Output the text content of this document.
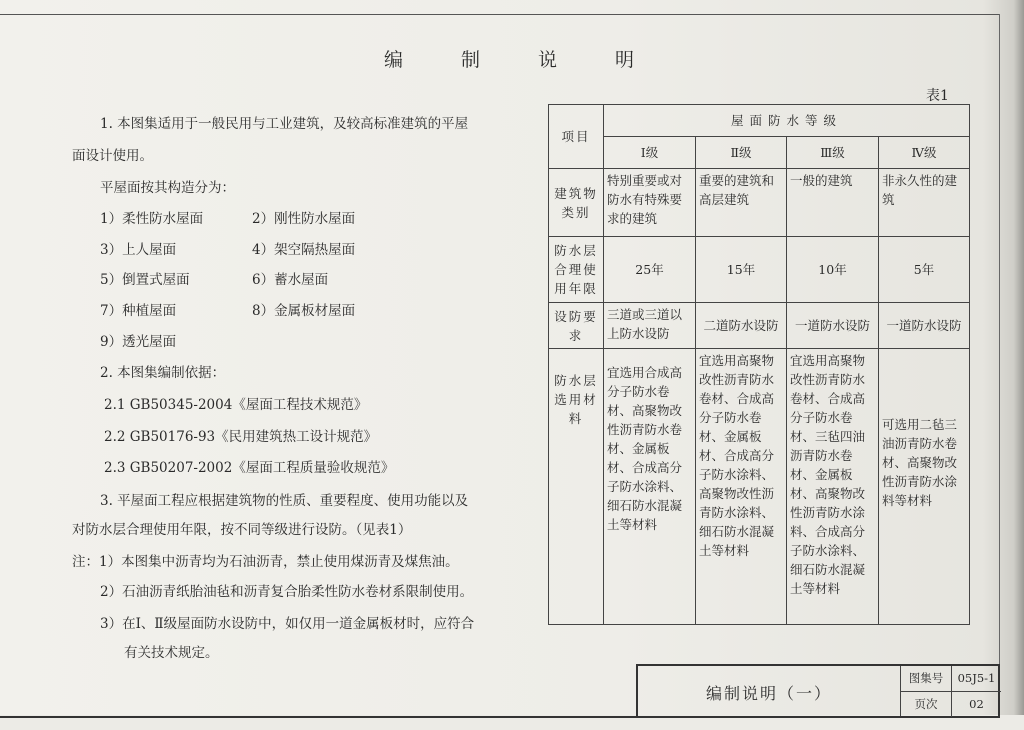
编 制 说 明
1. 本图集适用于一般民用与工业建筑，及较高标准建筑的平屋
面设计使用。
平屋面按其构造分为：
1）柔性防水屋面	2）刚性防水屋面
3）上人屋面	4）架空隔热屋面
5）倒置式屋面	6）蓄水屋面
7）种植屋面	8）金属板材屋面
9）透光屋面
2. 本图集编制依据：
2.1 GB50345-2004《屋面工程技术规范》
2.2 GB50176-93《民用建筑热工设计规范》
2.3 GB50207-2002《屋面工程质量验收规范》
3. 平屋面工程应根据建筑物的性质、重要程度、使用功能以及
对防水层合理使用年限，按不同等级进行设防。（见表1）
注：1）本图集中沥青均为石油沥青，禁止使用煤沥青及煤焦油。
2）石油沥青纸胎油毡和沥青复合胎柔性防水卷材系限制使用。
3）在Ⅰ、Ⅱ级屋面防水设防中，如仅用一道金属板材时，应符合
有关技术规定。
表1
项目	屋面防水等级			
	Ⅰ级	Ⅱ级	Ⅲ级	Ⅳ级
建筑物类别	特别重要或对防水有特殊要求的建筑	重要的建筑和高层建筑	一般的建筑	非永久性的建筑
防水层合理使用年限	25年	15年	10年	5年
设防要求	三道或三道以上防水设防	二道防水设防	一道防水设防	一道防水设防
防水层选用材料	宜选用合成高分子防水卷材、高聚物改性沥青防水卷材、金属板材、合成高分子防水涂料、细石防水混凝土等材料	宜选用高聚物改性沥青防水卷材、合成高分子防水卷材、金属板材、合成高分子防水涂料、高聚物改性沥青防水涂料、细石防水混凝土等材料	宜选用高聚物改性沥青防水卷材、合成高分子防水卷材、三毡四油沥青防水卷材、金属板材、高聚物改性沥青防水涂料、合成高分子防水涂料、细石防水混凝土等材料	可选用二毡三油沥青防水卷材、高聚物改性沥青防水涂料等材料
编制说明（一）
图集号	05J5-1
页次	02
